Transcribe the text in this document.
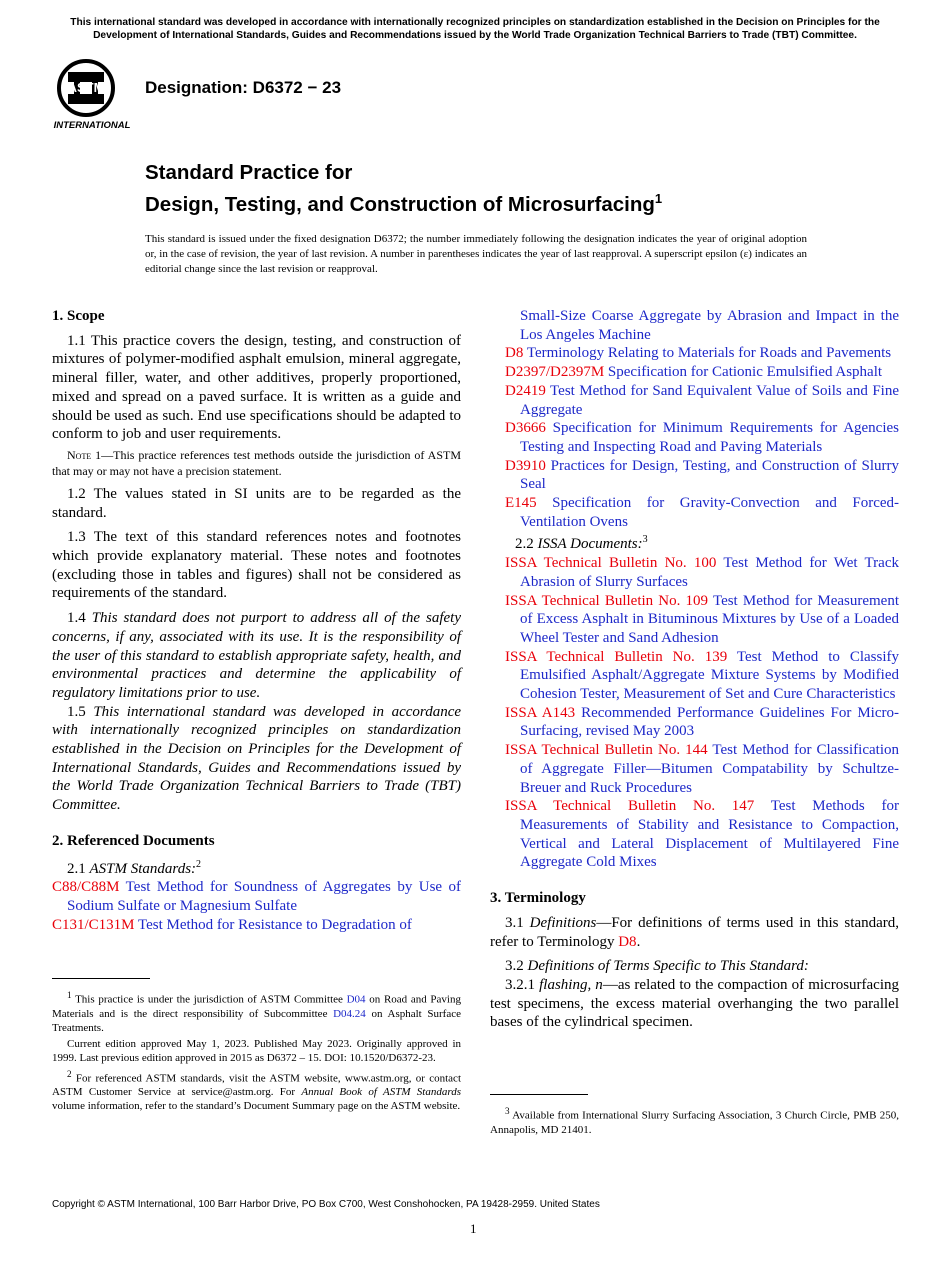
This international standard was developed in accordance with internationally recognized principles on standardization established in the Decision on Principles for the Development of International Standards, Guides and Recommendations issued by the World Trade Organization Technical Barriers to Trade (TBT) Committee.
ASTM
INTERNATIONAL
Designation: D6372 − 23
Standard Practice for
Design, Testing, and Construction of Microsurfacing$^1$
This standard is issued under the fixed designation D6372; the number immediately following the designation indicates the year of original adoption or, in the case of revision, the year of last revision. A number in parentheses indicates the year of last reapproval. A superscript epsilon (ε) indicates an editorial change since the last revision or reapproval.

1. Scope

1.1 This practice covers the design, testing, and construction of mixtures of polymer-modified asphalt emulsion, mineral aggregate, mineral filler, water, and other additives, properly proportioned, mixed and spread on a paved surface. It is written as a guide and should be used as such. End use specifications should be adapted to conform to job and user requirements.

Note 1—This practice references test methods outside the jurisdiction of ASTM that may or may not have a precision statement.

1.2 The values stated in SI units are to be regarded as the standard.

1.3 The text of this standard references notes and footnotes which provide explanatory material. These notes and footnotes (excluding those in tables and figures) shall not be considered as requirements of the standard.

1.4 This standard does not purport to address all of the safety concerns, if any, associated with its use. It is the responsibility of the user of this standard to establish appropriate safety, health, and environmental practices and determine the applicability of regulatory limitations prior to use.

1.5 This international standard was developed in accordance with internationally recognized principles on standardization established in the Decision on Principles for the Development of International Standards, Guides and Recommendations issued by the World Trade Organization Technical Barriers to Trade (TBT) Committee.

2. Referenced Documents

2.1 ASTM Standards:$^2$

C88/C88M Test Method for Soundness of Aggregates by Use of Sodium Sulfate or Magnesium Sulfate

C131/C131M Test Method for Resistance to Degradation of

$^1$ This practice is under the jurisdiction of ASTM Committee D04 on Road and Paving Materials and is the direct responsibility of Subcommittee D04.24 on Asphalt Surface Treatments.

Current edition approved May 1, 2023. Published May 2023. Originally approved in 1999. Last previous edition approved in 2015 as D6372 – 15. DOI: 10.1520/D6372-23.

$^2$ For referenced ASTM standards, visit the ASTM website, www.astm.org, or contact ASTM Customer Service at service@astm.org. For Annual Book of ASTM Standards volume information, refer to the standard’s Document Summary page on the ASTM website.

Small-Size Coarse Aggregate by Abrasion and Impact in the Los Angeles Machine

D8 Terminology Relating to Materials for Roads and Pavements

D2397/D2397M Specification for Cationic Emulsified Asphalt

D2419 Test Method for Sand Equivalent Value of Soils and Fine Aggregate

D3666 Specification for Minimum Requirements for Agencies Testing and Inspecting Road and Paving Materials

D3910 Practices for Design, Testing, and Construction of Slurry Seal

E145 Specification for Gravity-Convection and Forced-Ventilation Ovens

2.2 ISSA Documents:$^3$

ISSA Technical Bulletin No. 100 Test Method for Wet Track Abrasion of Slurry Surfaces

ISSA Technical Bulletin No. 109 Test Method for Measurement of Excess Asphalt in Bituminous Mixtures by Use of a Loaded Wheel Tester and Sand Adhesion

ISSA Technical Bulletin No. 139 Test Method to Classify Emulsified Asphalt/Aggregate Mixture Systems by Modified Cohesion Tester, Measurement of Set and Cure Characteristics

ISSA A143 Recommended Performance Guidelines For Micro-Surfacing, revised May 2003

ISSA Technical Bulletin No. 144 Test Method for Classification of Aggregate Filler—Bitumen Compatability by Schultze-Breuer and Ruck Procedures

ISSA Technical Bulletin No. 147 Test Methods for Measurements of Stability and Resistance to Compaction, Vertical and Lateral Displacement of Multilayered Fine Aggregate Cold Mixes

3. Terminology

3.1 Definitions—For definitions of terms used in this standard, refer to Terminology D8.

3.2 Definitions of Terms Specific to This Standard:

3.2.1 flashing, n—as related to the compaction of microsurfacing test specimens, the excess material overhanging the two parallel bases of the cylindrical specimen.

$^3$ Available from International Slurry Surfacing Association, 3 Church Circle, PMB 250, Annapolis, MD 21401.

Copyright © ASTM International, 100 Barr Harbor Drive, PO Box C700, West Conshohocken, PA 19428-2959. United States
1
